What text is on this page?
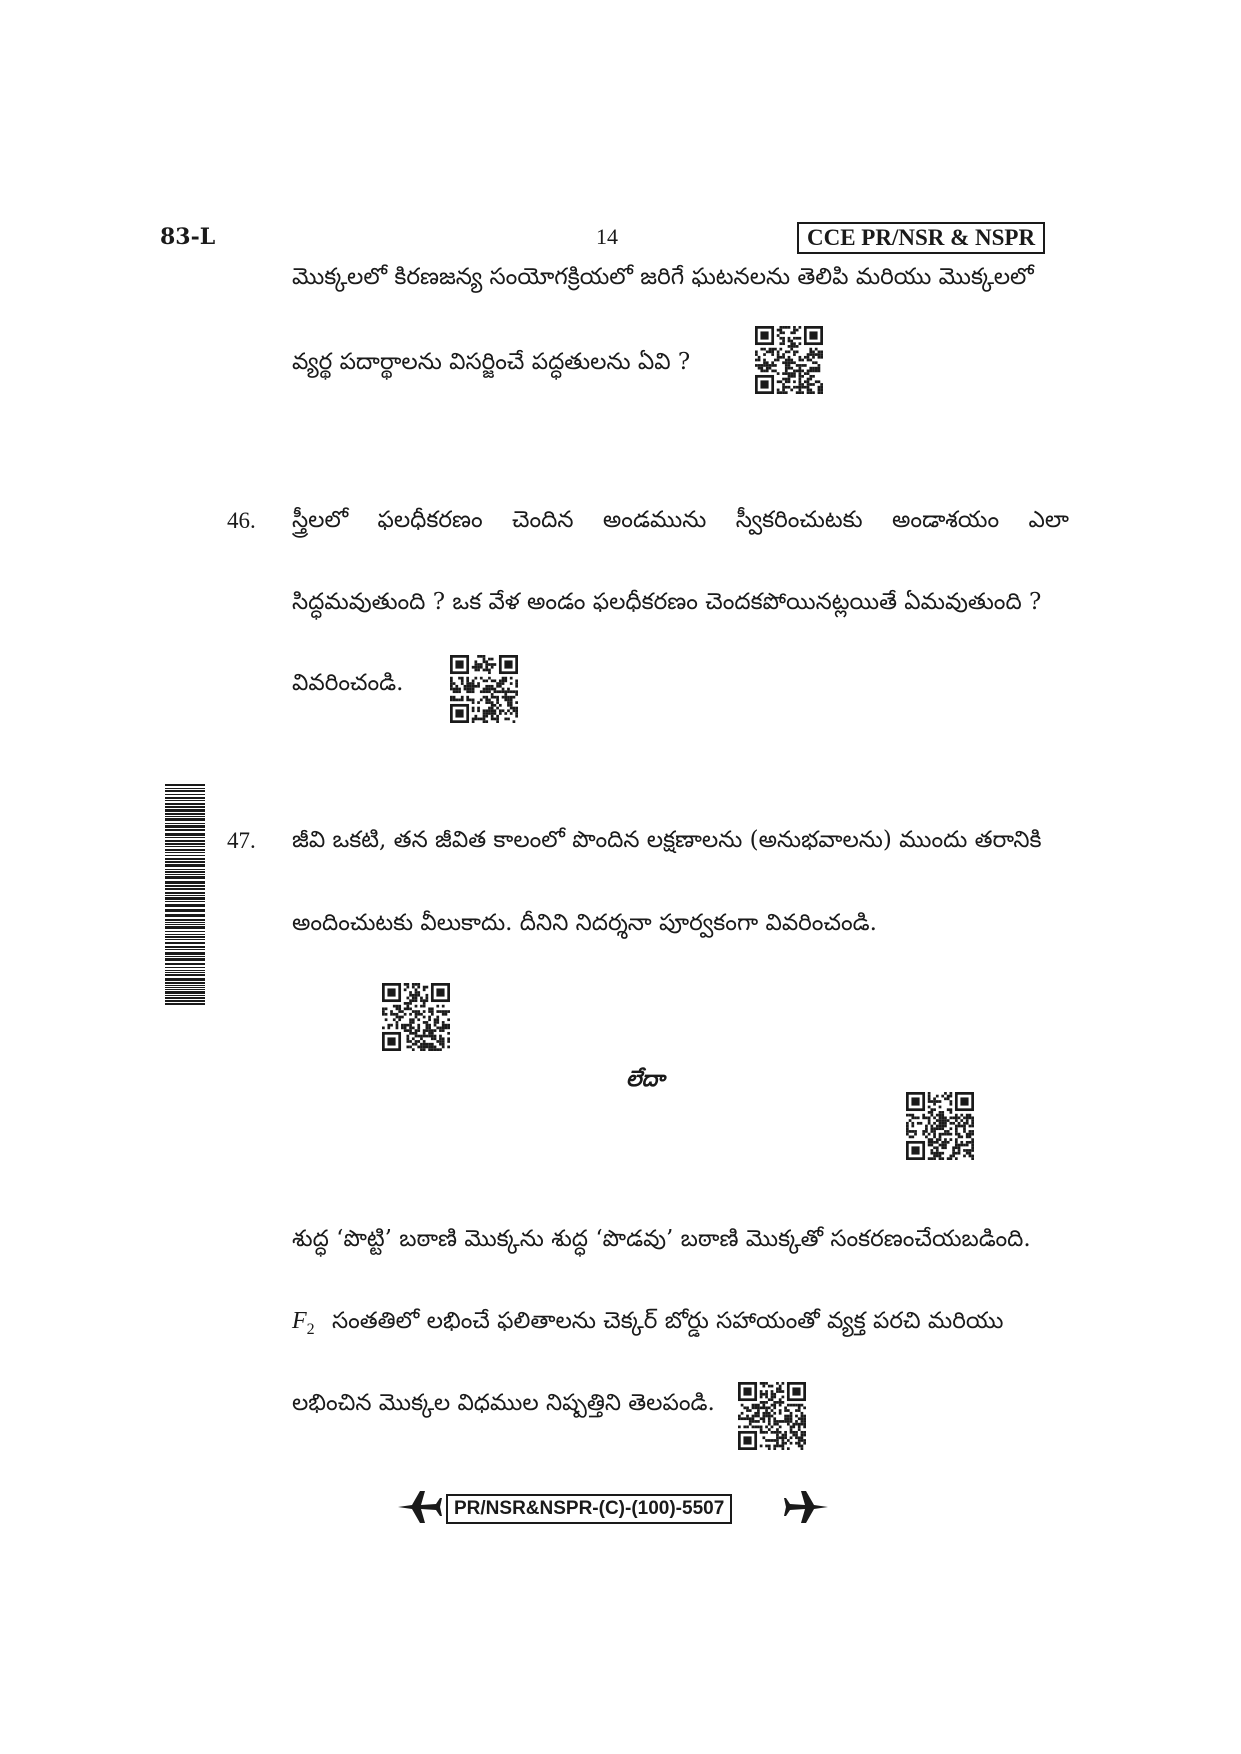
83-L	14	CCE PR/NSR & NSPR
మొక్కలలో కిరణజన్య సంయోగక్రియలో జరిగే ఘటనలను తెలిపి మరియు మొక్కలలో
వ్యర్థ పదార్థాలను విసర్జించే పద్ధతులను ఏవి ?
46. స్త్రీలలో ఫలధీకరణం చెందిన అండమును స్వీకరించుటకు అండాశయం ఎలా
సిద్ధమవుతుంది ? ఒక వేళ అండం ఫలధీకరణం చెందకపోయినట్లయితే ఏమవుతుంది ?
వివరించండి.
47. జీవి ఒకటి, తన జీవిత కాలంలో పొందిన లక్షణాలను (అనుభవాలను) ముందు తరానికి
అందించుటకు వీలుకాదు. దీనిని నిదర్శనా పూర్వకంగా వివరించండి.
లేదా
శుద్ధ ‘పొట్టి’ బఠాణి మొక్కను శుద్ధ ‘పొడవు’ బఠాణి మొక్కతో సంకరణంచేయబడింది.
$F_2$ సంతతిలో లభించే ఫలితాలను చెక్కర్ బోర్డు సహాయంతో వ్యక్త పరచి మరియు
లభించిన మొక్కల విధముల నిష్పత్తిని తెలపండి.
PR/NSR&NSPR-(C)-(100)-5507
